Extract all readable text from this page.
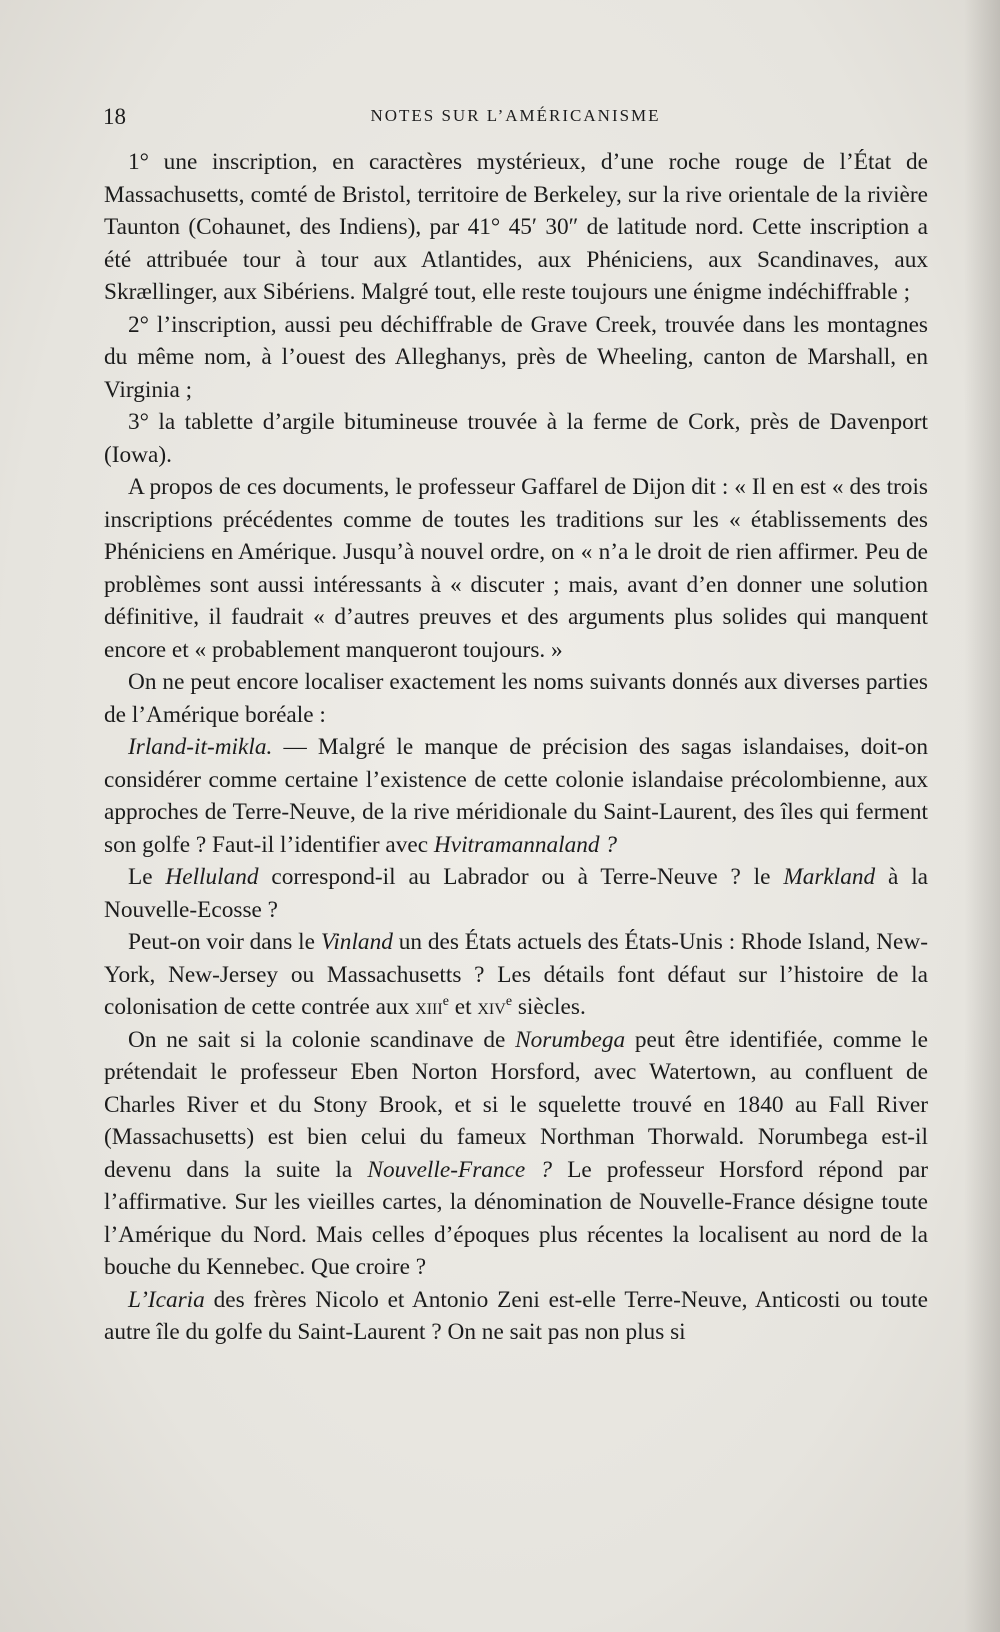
18	NOTES SUR L’AMÉRICANISME

1° une inscription, en caractères mystérieux, d’une roche rouge de l’État de Massachusetts, comté de Bristol, territoire de Berkeley, sur la rive orientale de la rivière Taunton (Cohaunet, des Indiens), par 41° 45′ 30″ de latitude nord. Cette inscription a été attribuée tour à tour aux Atlantides, aux Phéniciens, aux Scandinaves, aux Skrællinger, aux Sibériens. Malgré tout, elle reste toujours une énigme indéchiffrable ;

2° l’inscription, aussi peu déchiffrable de Grave Creek, trouvée dans les montagnes du même nom, à l’ouest des Alleghanys, près de Wheeling, canton de Marshall, en Virginia ;

3° la tablette d’argile bitumineuse trouvée à la ferme de Cork, près de Davenport (Iowa).

A propos de ces documents, le professeur Gaffarel de Dijon dit : « Il en est « des trois inscriptions précédentes comme de toutes les traditions sur les « établissements des Phéniciens en Amérique. Jusqu’à nouvel ordre, on « n’a le droit de rien affirmer. Peu de problèmes sont aussi intéressants à « discuter ; mais, avant d’en donner une solution définitive, il faudrait « d’autres preuves et des arguments plus solides qui manquent encore et « probablement manqueront toujours. »

On ne peut encore localiser exactement les noms suivants donnés aux diverses parties de l’Amérique boréale :

Irland-it-mikla. — Malgré le manque de précision des sagas islandaises, doit-on considérer comme certaine l’existence de cette colonie islandaise précolombienne, aux approches de Terre-Neuve, de la rive méridionale du Saint-Laurent, des îles qui ferment son golfe ? Faut-il l’identifier avec Hvitramannaland ?

Le Helluland correspond-il au Labrador ou à Terre-Neuve ? le Markland à la Nouvelle-Ecosse ?

Peut-on voir dans le Vinland un des États actuels des États-Unis : Rhode Island, New-York, New-Jersey ou Massachusetts ? Les détails font défaut sur l’histoire de la colonisation de cette contrée aux xiii$^e$ et xiv$^e$ siècles.

On ne sait si la colonie scandinave de Norumbega peut être identifiée, comme le prétendait le professeur Eben Norton Horsford, avec Watertown, au confluent de Charles River et du Stony Brook, et si le squelette trouvé en 1840 au Fall River (Massachusetts) est bien celui du fameux Northman Thorwald. Norumbega est-il devenu dans la suite la Nouvelle-France ? Le professeur Horsford répond par l’affirmative. Sur les vieilles cartes, la dénomination de Nouvelle-France désigne toute l’Amérique du Nord. Mais celles d’époques plus récentes la localisent au nord de la bouche du Kennebec. Que croire ?

L’Icaria des frères Nicolo et Antonio Zeni est-elle Terre-Neuve, Anticosti ou toute autre île du golfe du Saint-Laurent ? On ne sait pas non plus si
